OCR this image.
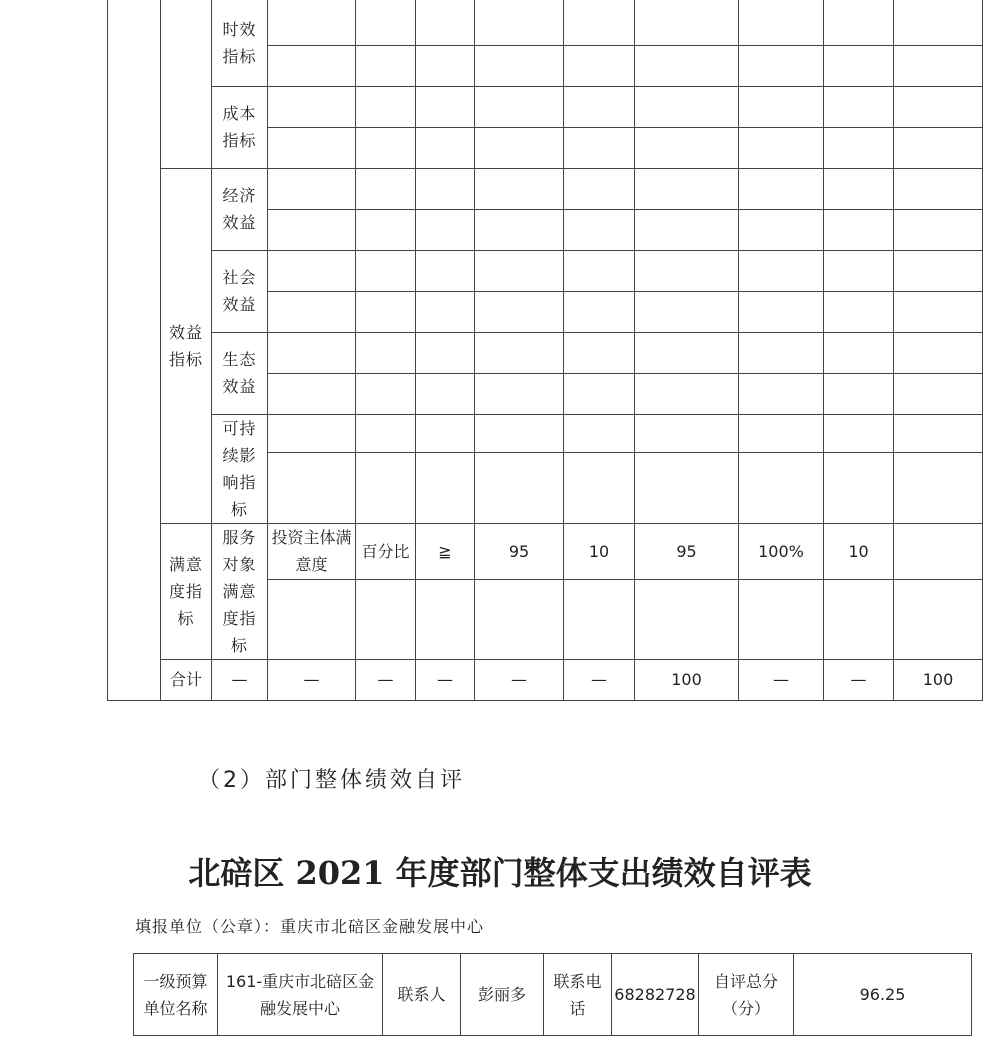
		时效指标										

		成本指标										

	效益指标	经济效益										

		社会效益										

		生态效益										

		可持续影响指标										

	满意度指标	服务对象满意度指标	投资主体满意度	百分比	≧	95	10	95	100%	10		

	合计	—	—	—	—	—	—	100	—	—	100	
（2）部门整体绩效自评
北碚区 2021 年度部门整体支出绩效自评表
填报单位（公章）：重庆市北碚区金融发展中心
一级预算 单位名称	161-重庆市北碚区金融发展中心	联系人	彭丽多	联系电话	68282728	自评总分（分）	96.25
